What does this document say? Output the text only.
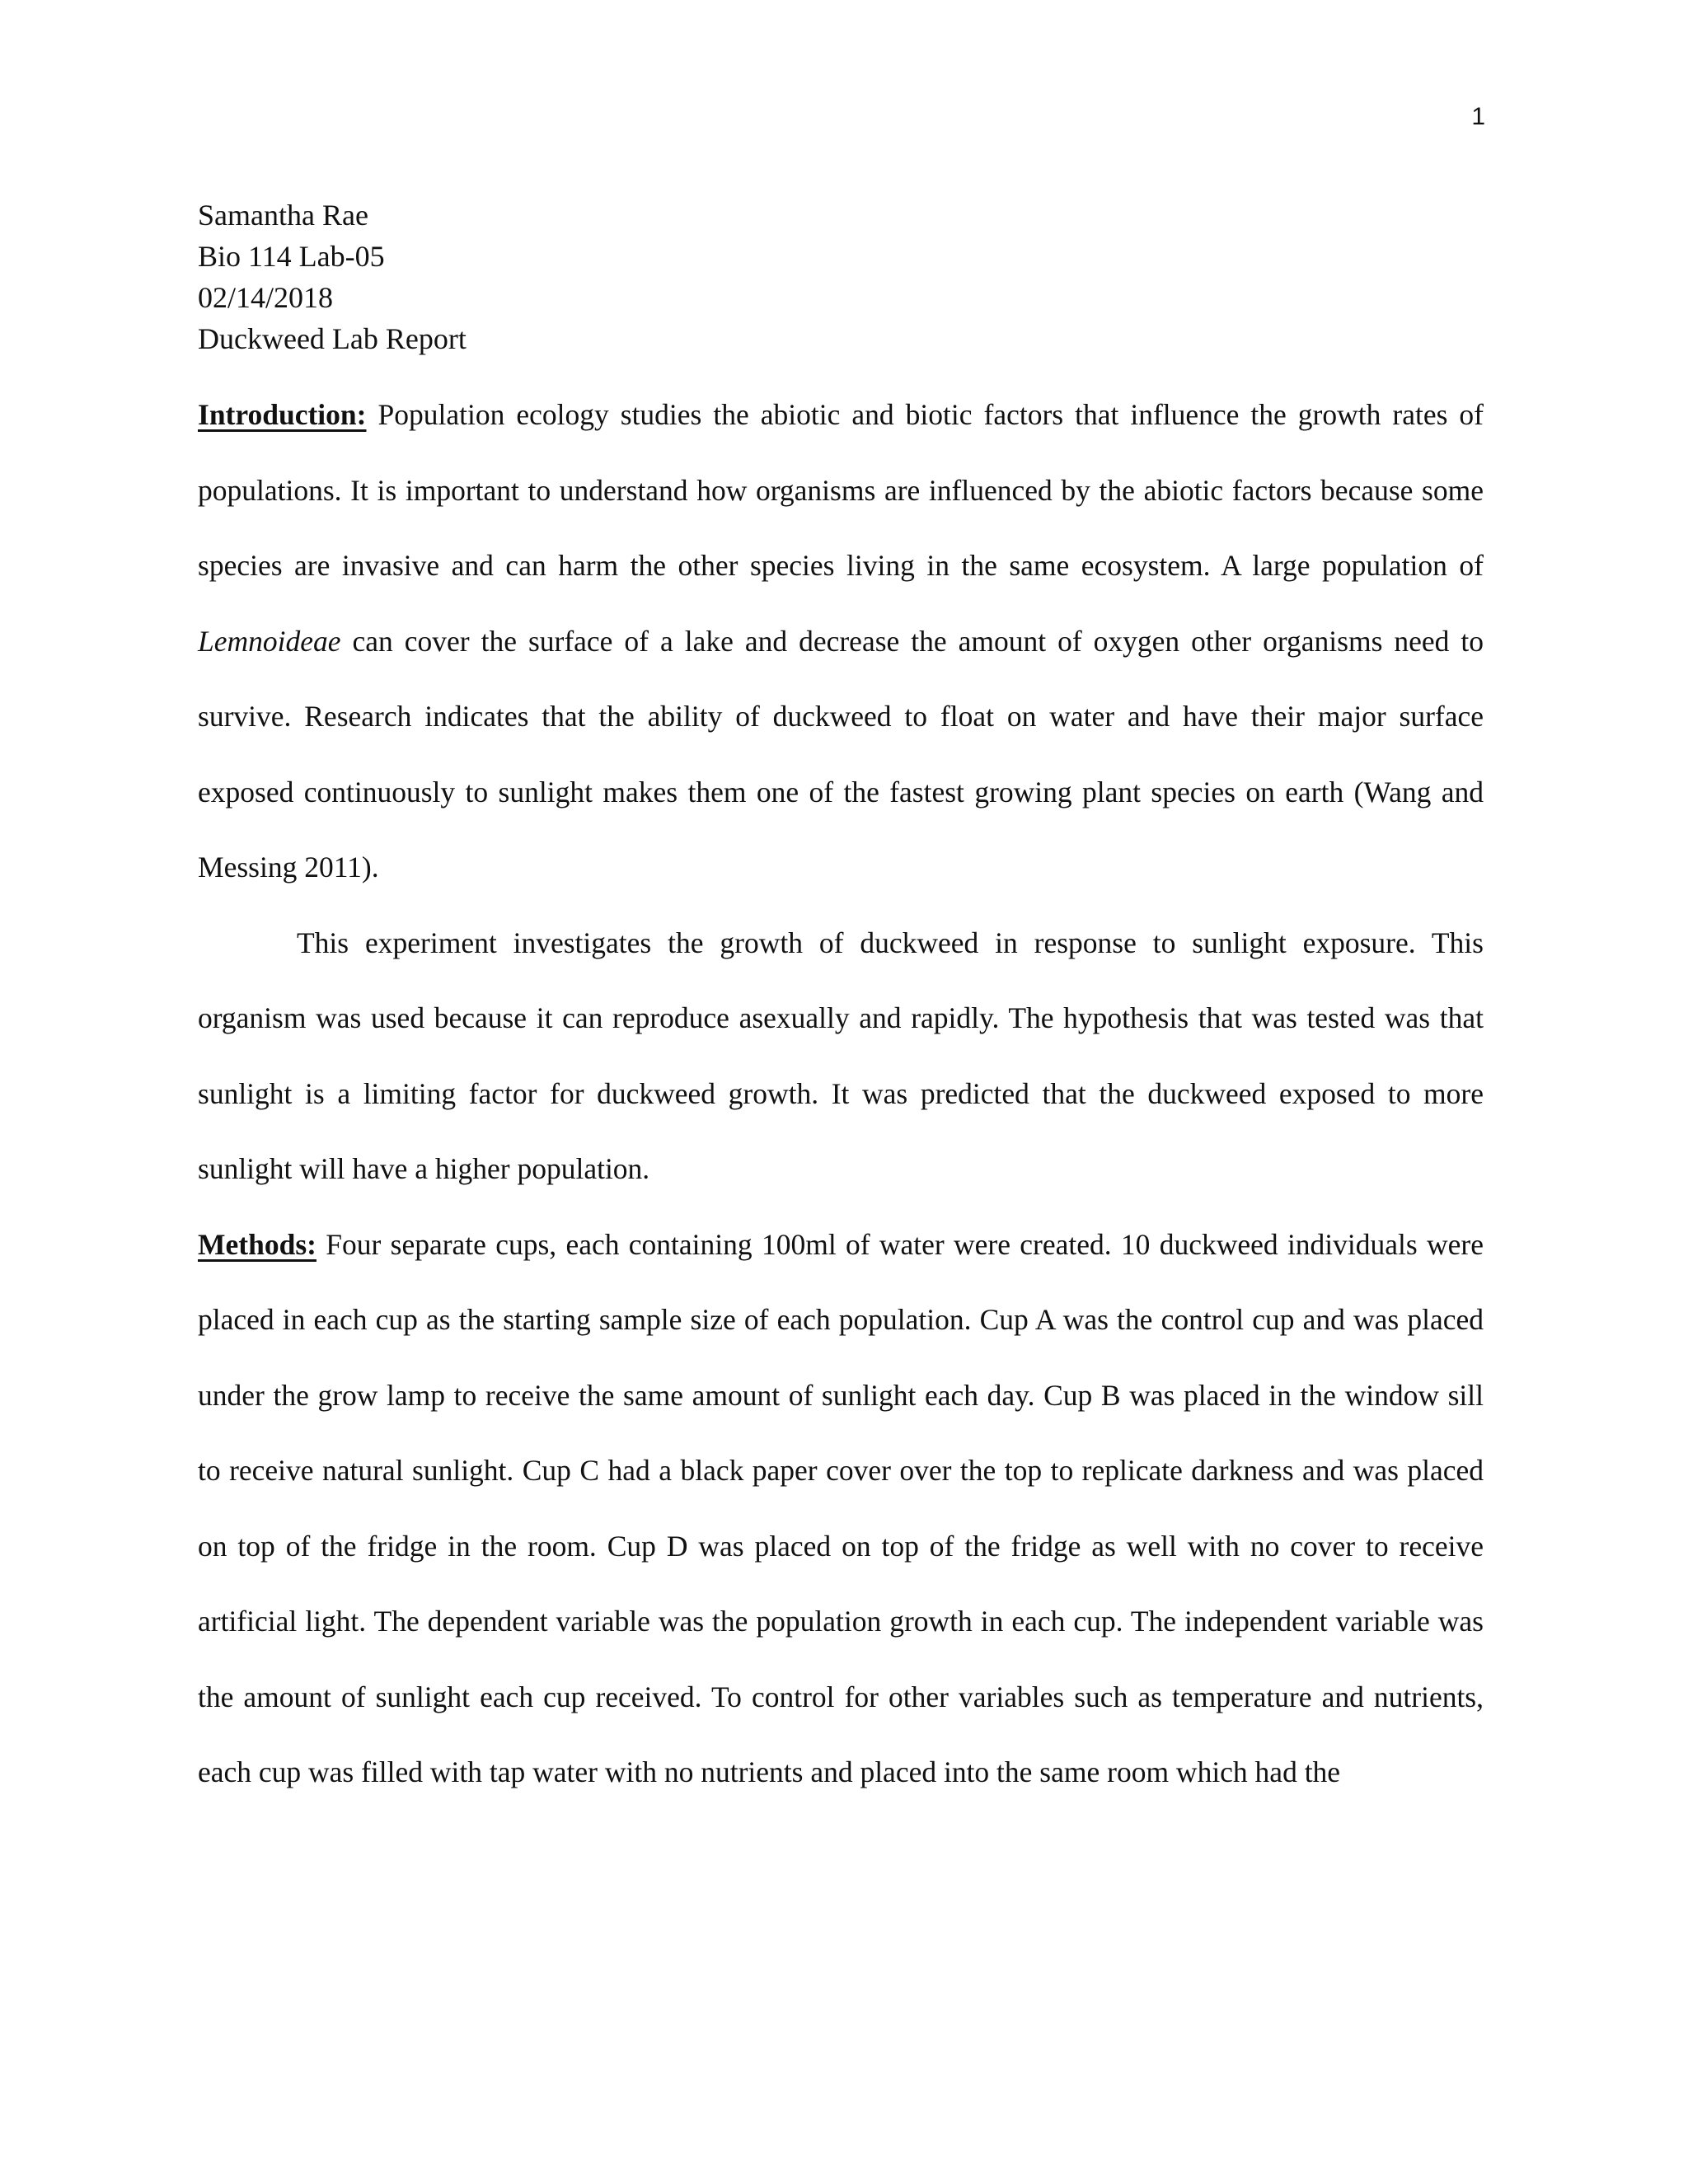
1
Samantha Rae
Bio 114 Lab-05
02/14/2018
Duckweed Lab Report

Introduction: Population ecology studies the abiotic and biotic factors that influence the growth rates of populations. It is important to understand how organisms are influenced by the abiotic factors because some species are invasive and can harm the other species living in the same ecosystem. A large population of Lemnoideae can cover the surface of a lake and decrease the amount of oxygen other organisms need to survive. Research indicates that the ability of duckweed to float on water and have their major surface exposed continuously to sunlight makes them one of the fastest growing plant species on earth (Wang and Messing 2011).

This experiment investigates the growth of duckweed in response to sunlight exposure. This organism was used because it can reproduce asexually and rapidly. The hypothesis that was tested was that sunlight is a limiting factor for duckweed growth. It was predicted that the duckweed exposed to more sunlight will have a higher population.

Methods: Four separate cups, each containing 100ml of water were created. 10 duckweed individuals were placed in each cup as the starting sample size of each population. Cup A was the control cup and was placed under the grow lamp to receive the same amount of sunlight each day. Cup B was placed in the window sill to receive natural sunlight. Cup C had a black paper cover over the top to replicate darkness and was placed on top of the fridge in the room. Cup D was placed on top of the fridge as well with no cover to receive artificial light. The dependent variable was the population growth in each cup. The independent variable was the amount of sunlight each cup received. To control for other variables such as temperature and nutrients, each cup was filled with tap water with no nutrients and placed into the same room which had the
